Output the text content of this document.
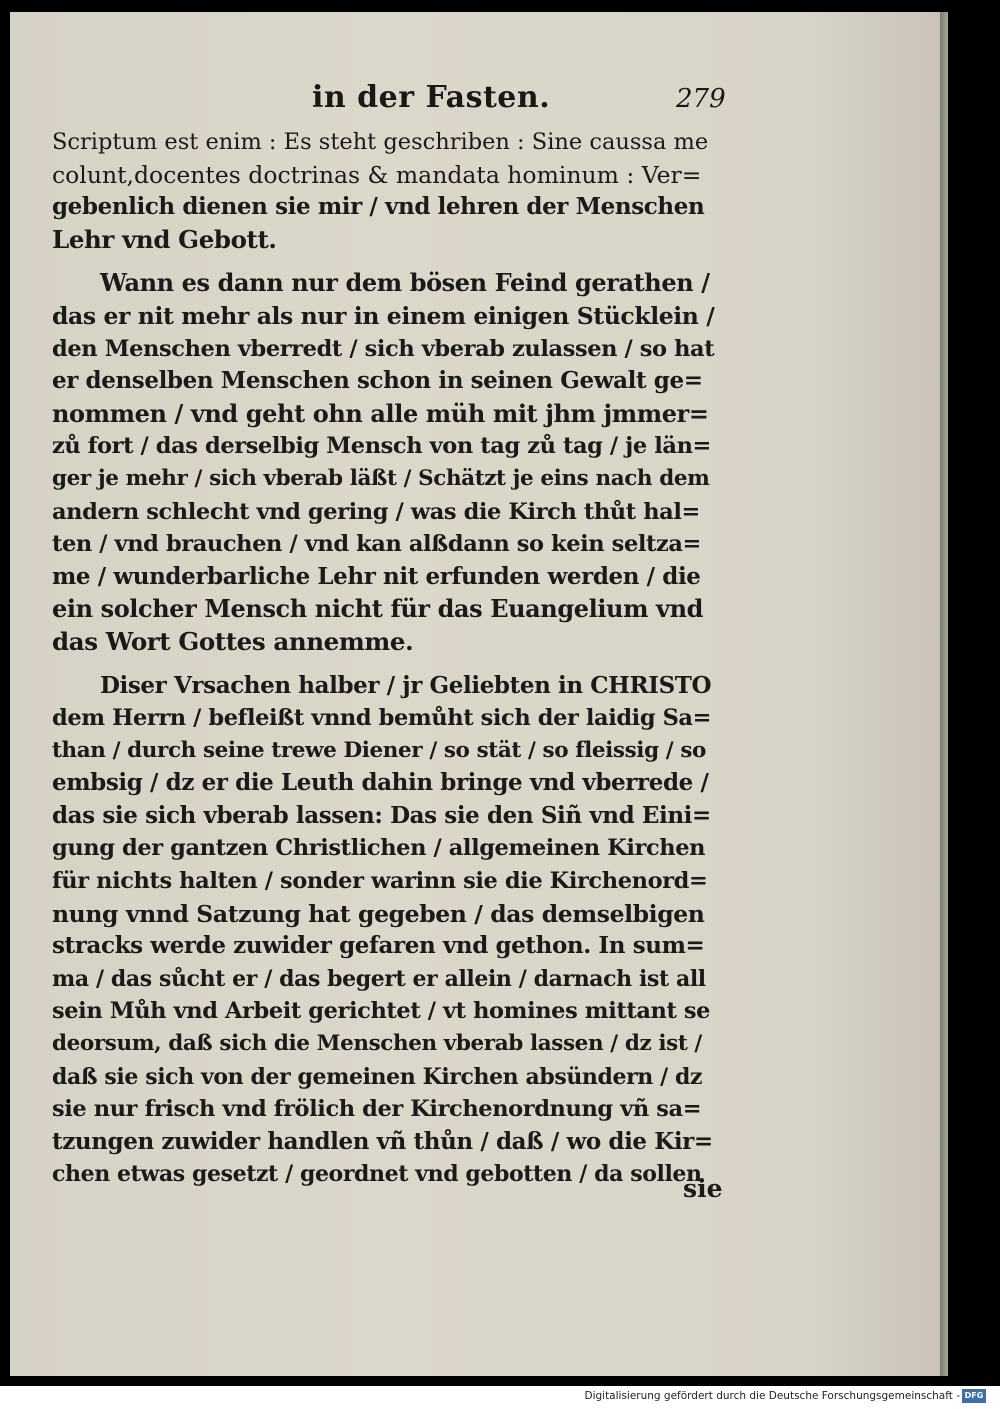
in der Fasten.	279
Scriptum est enim : Es steht geschriben : Sine caussa me
colunt,docentes doctrinas & mandata hominum : Ver=
gebenlich dienen sie mir / vnd lehren der Menschen
Lehr vnd Gebott.
Wann es dann nur dem bösen Feind gerathen /
das er nit mehr als nur in einem einigen Stücklein /
den Menschen vberredt / sich vberab zulassen / so hat
er denselben Menschen schon in seinen Gewalt ge=
nommen / vnd geht ohn alle müh mit jhm jmmer=
zů fort / das derselbig Mensch von tag zů tag / je län=
ger je mehr / sich vberab läßt / Schätzt je eins nach dem
andern schlecht vnd gering / was die Kirch thůt hal=
ten / vnd brauchen / vnd kan alßdann so kein seltza=
me / wunderbarliche Lehr nit erfunden werden / die
ein solcher Mensch nicht für das Euangelium vnd
das Wort Gottes annemme.
Diser Vrsachen halber / jr Geliebten in CHRISTO
dem Herrn / befleißt vnnd bemůht sich der laidig Sa=
than / durch seine trewe Diener / so stät / so fleissig / so
embsig / dz er die Leuth dahin bringe vnd vberrede /
das sie sich vberab lassen: Das sie den Siñ vnd Eini=
gung der gantzen Christlichen / allgemeinen Kirchen
für nichts halten / sonder warinn sie die Kirchenord=
nung vnnd Satzung hat gegeben / das demselbigen
stracks werde zuwider gefaren vnd gethon. In sum=
ma / das sůcht er / das begert er allein / darnach ist all
sein Můh vnd Arbeit gerichtet / vt homines mittant se
deorsum, daß sich die Menschen vberab lassen / dz ist /
daß sie sich von der gemeinen Kirchen absündern / dz
sie nur frisch vnd frölich der Kirchenordnung vñ sa=
tzungen zuwider handlen vñ thůn / daß / wo die Kir=
chen etwas gesetzt / geordnet vnd gebotten / da sollen
sie
Digitalisierung gefördert durch die Deutsche Forschungsgemeinschaft - DFG
